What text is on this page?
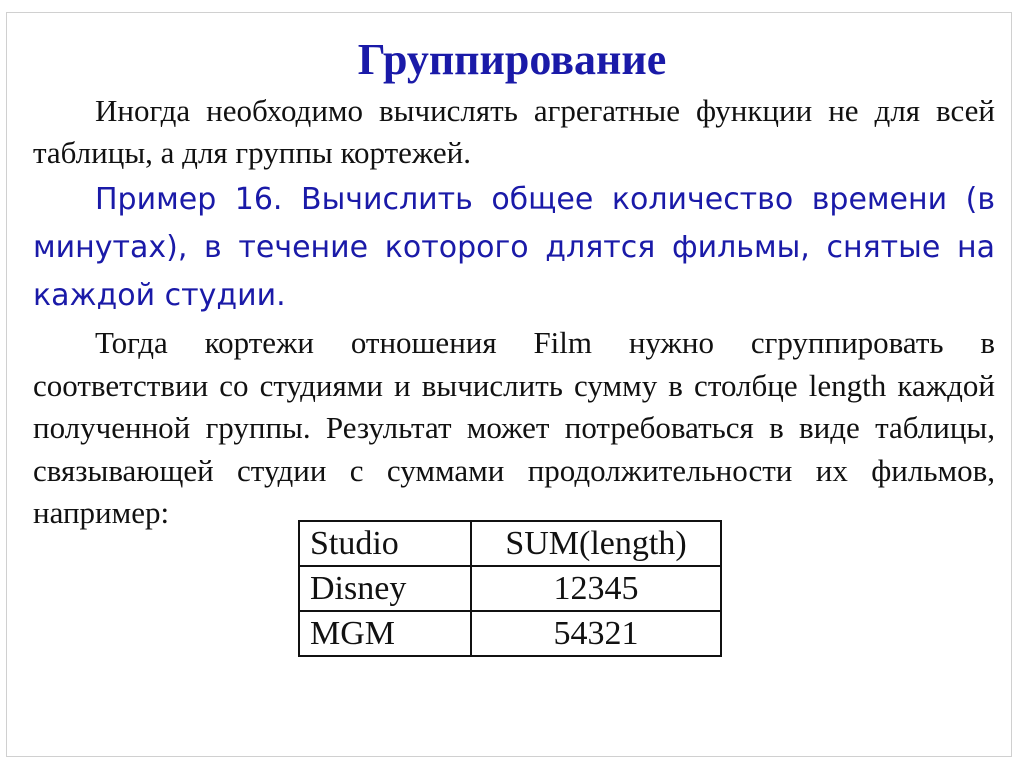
Группирование

Иногда необходимо вычислять агрегатные функции не для всей таблицы, а для группы кортежей.

Пример 16. Вычислить общее количество времени (в минутах), в течение которого длятся фильмы, снятые на каждой студии.

Тогда кортежи отношения Film нужно сгруппировать в соответствии со студиями и вычислить сумму в столбце length каждой полученной группы. Результат может потребоваться в виде таблицы, связывающей студии с суммами продолжительности их фильмов, например:

Studio	SUM(length)
Disney	12345
MGM	54321
